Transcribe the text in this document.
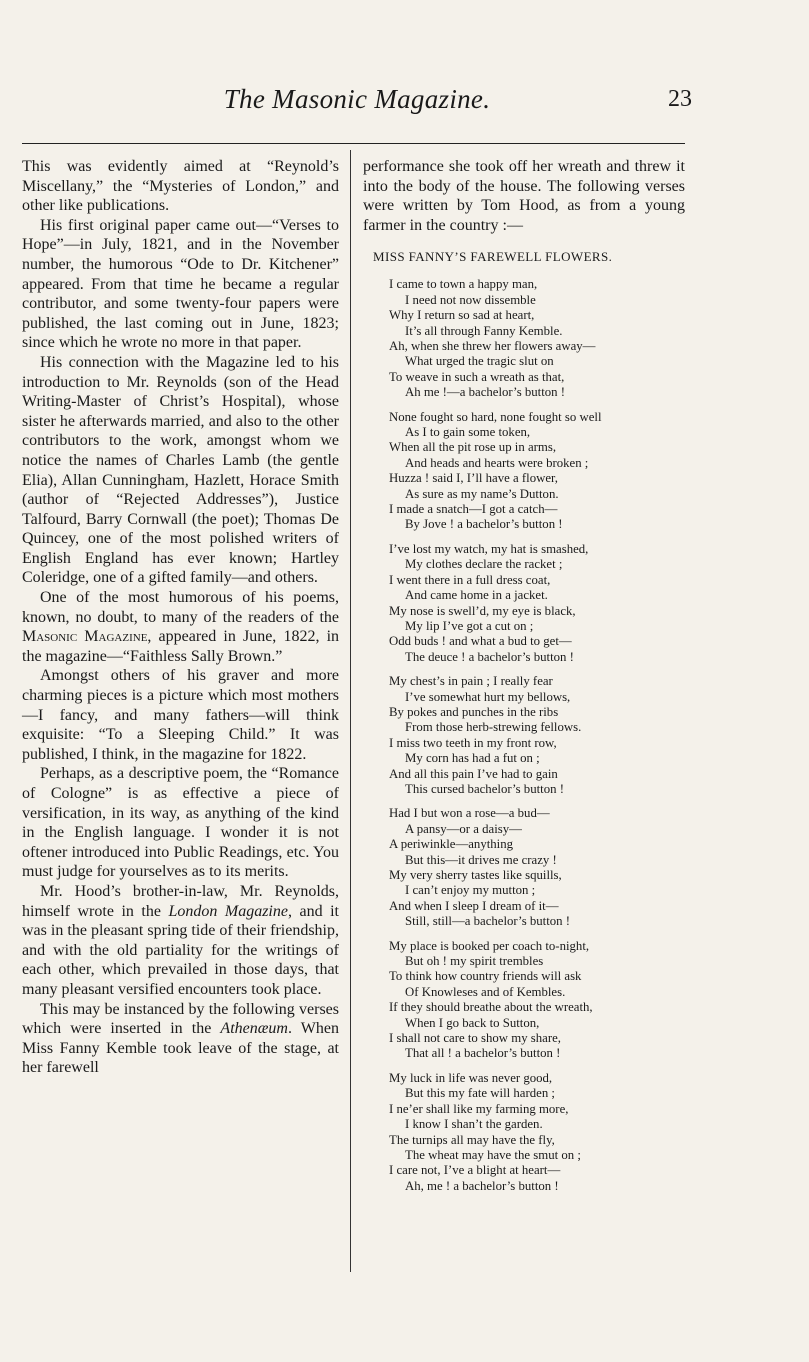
The Masonic Magazine.	23

This was evidently aimed at “Reynold’s Miscellany,” the “Mysteries of London,” and other like publications.

His first original paper came out—“Verses to Hope”—in July, 1821, and in the November number, the humorous “Ode to Dr. Kitchener” appeared. From that time he became a regular contributor, and some twenty-four papers were published, the last coming out in June, 1823; since which he wrote no more in that paper.

His connection with the Magazine led to his introduction to Mr. Reynolds (son of the Head Writing-Master of Christ’s Hospital), whose sister he afterwards married, and also to the other contributors to the work, amongst whom we notice the names of Charles Lamb (the gentle Elia), Allan Cunningham, Hazlett, Horace Smith (author of “Rejected Addresses”), Justice Talfourd, Barry Cornwall (the poet); Thomas De Quincey, one of the most polished writers of English England has ever known; Hartley Coleridge, one of a gifted family—and others.

One of the most humorous of his poems, known, no doubt, to many of the readers of the Masonic Magazine, appeared in June, 1822, in the magazine—“Faithless Sally Brown.”

Amongst others of his graver and more charming pieces is a picture which most mothers—I fancy, and many fathers—will think exquisite: “To a Sleeping Child.” It was published, I think, in the magazine for 1822.

Perhaps, as a descriptive poem, the “Romance of Cologne” is as effective a piece of versification, in its way, as anything of the kind in the English language. I wonder it is not oftener introduced into Public Readings, etc. You must judge for yourselves as to its merits.

Mr. Hood’s brother-in-law, Mr. Reynolds, himself wrote in the London Magazine, and it was in the pleasant spring tide of their friendship, and with the old partiality for the writings of each other, which prevailed in those days, that many pleasant versified encounters took place.

This may be instanced by the following verses which were inserted in the Athenæum. When Miss Fanny Kemble took leave of the stage, at her farewell

performance she took off her wreath and threw it into the body of the house. The following verses were written by Tom Hood, as from a young farmer in the country :—

MISS FANNY’S FAREWELL FLOWERS.
I came to town a happy man,
I need not now dissemble
Why I return so sad at heart,
It’s all through Fanny Kemble.
Ah, when she threw her flowers away—
What urged the tragic slut on
To weave in such a wreath as that,
Ah me !—a bachelor’s button !
None fought so hard, none fought so well
As I to gain some token,
When all the pit rose up in arms,
And heads and hearts were broken ;
Huzza ! said I, I’ll have a flower,
As sure as my name’s Dutton.
I made a snatch—I got a catch—
By Jove ! a bachelor’s button !
I’ve lost my watch, my hat is smashed,
My clothes declare the racket ;
I went there in a full dress coat,
And came home in a jacket.
My nose is swell’d, my eye is black,
My lip I’ve got a cut on ;
Odd buds ! and what a bud to get—
The deuce ! a bachelor’s button !
My chest’s in pain ; I really fear
I’ve somewhat hurt my bellows,
By pokes and punches in the ribs
From those herb-strewing fellows.
I miss two teeth in my front row,
My corn has had a fut on ;
And all this pain I’ve had to gain
This cursed bachelor’s button !
Had I but won a rose—a bud—
A pansy—or a daisy—
A periwinkle—anything
But this—it drives me crazy !
My very sherry tastes like squills,
I can’t enjoy my mutton ;
And when I sleep I dream of it—
Still, still—a bachelor’s button !
My place is booked per coach to-night,
But oh ! my spirit trembles
To think how country friends will ask
Of Knowleses and of Kembles.
If they should breathe about the wreath,
When I go back to Sutton,
I shall not care to show my share,
That all ! a bachelor’s button !
My luck in life was never good,
But this my fate will harden ;
I ne’er shall like my farming more,
I know I shan’t the garden.
The turnips all may have the fly,
The wheat may have the smut on ;
I care not, I’ve a blight at heart—
Ah, me ! a bachelor’s button !
